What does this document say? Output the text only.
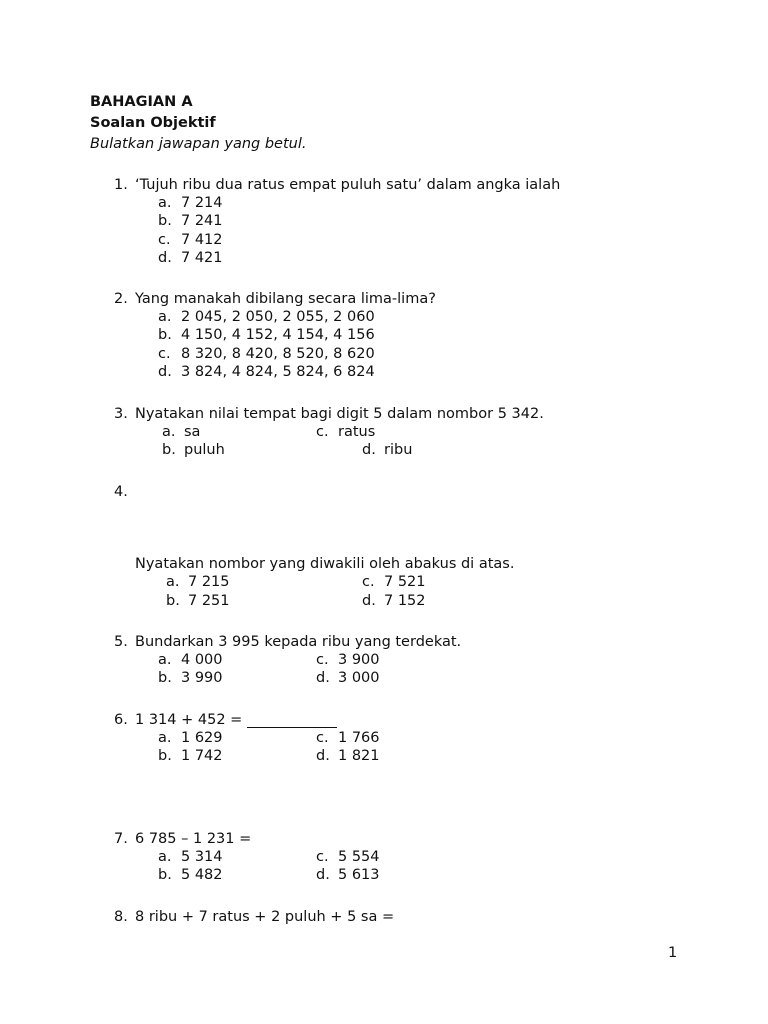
BAHAGIAN A
Soalan Objektif
Bulatkan jawapan yang betul.
1. ‘Tujuh ribu dua ratus empat puluh satu’ dalam angka ialah
a. 7 214
b. 7 241
c. 7 412
d. 7 421
2. Yang manakah dibilang secara lima-lima?
a. 2 045, 2 050, 2 055, 2 060
b. 4 150, 4 152, 4 154, 4 156
c. 8 320, 8 420, 8 520, 8 620
d. 3 824, 4 824, 5 824, 6 824
3. Nyatakan nilai tempat bagi digit 5 dalam nombor 5 342.
a. sa	c. ratus
b. puluh	d. ribu
4.
Nyatakan nombor yang diwakili oleh abakus di atas.
a. 7 215	c. 7 521
b. 7 251	d. 7 152
5. Bundarkan 3 995 kepada ribu yang terdekat.
a. 4 000	c. 3 900
b. 3 990	d. 3 000
6. 1 314 + 452 =
a. 1 629	c. 1 766
b. 1 742	d. 1 821
7. 6 785 – 1 231 =
a. 5 314	c. 5 554
b. 5 482	d. 5 613
8. 8 ribu + 7 ratus + 2 puluh + 5 sa =
1
